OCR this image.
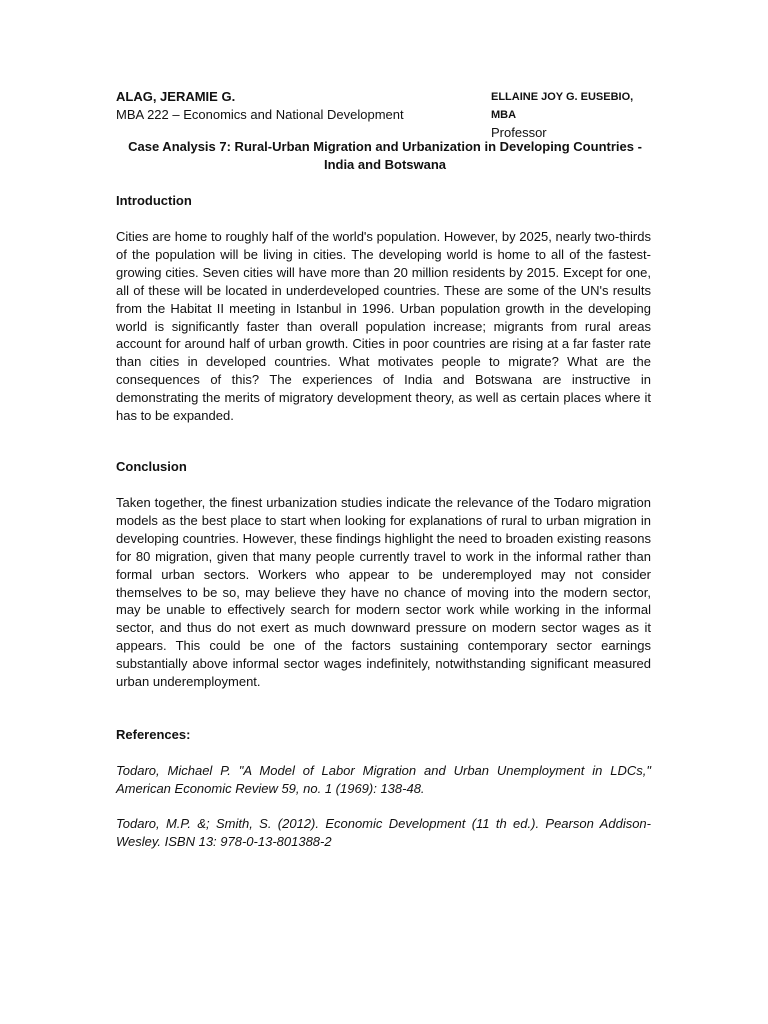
ALAG, JERAMIE G.
MBA 222 – Economics and National Development
ELLAINE JOY G. EUSEBIO, MBA
Professor
Case Analysis 7: Rural-Urban Migration and Urbanization in Developing Countries - India and Botswana
Introduction
Cities are home to roughly half of the world's population. However, by 2025, nearly two-thirds of the population will be living in cities. The developing world is home to all of the fastest-growing cities. Seven cities will have more than 20 million residents by 2015. Except for one, all of these will be located in underdeveloped countries. These are some of the UN's results from the Habitat II meeting in Istanbul in 1996. Urban population growth in the developing world is significantly faster than overall population increase; migrants from rural areas account for around half of urban growth. Cities in poor countries are rising at a far faster rate than cities in developed countries. What motivates people to migrate? What are the consequences of this? The experiences of India and Botswana are instructive in demonstrating the merits of migratory development theory, as well as certain places where it has to be expanded.
Conclusion
Taken together, the finest urbanization studies indicate the relevance of the Todaro migration models as the best place to start when looking for explanations of rural to urban migration in developing countries. However, these findings highlight the need to broaden existing reasons for 80 migration, given that many people currently travel to work in the informal rather than formal urban sectors. Workers who appear to be underemployed may not consider themselves to be so, may believe they have no chance of moving into the modern sector, may be unable to effectively search for modern sector work while working in the informal sector, and thus do not exert as much downward pressure on modern sector wages as it appears. This could be one of the factors sustaining contemporary sector earnings substantially above informal sector wages indefinitely, notwithstanding significant measured urban underemployment.
References:
Todaro, Michael P. "A Model of Labor Migration and Urban Unemployment in LDCs," American Economic Review 59, no. 1 (1969): 138-48.
Todaro, M.P. &; Smith, S. (2012). Economic Development (11 th ed.). Pearson Addison-Wesley. ISBN 13: 978-0-13-801388-2
